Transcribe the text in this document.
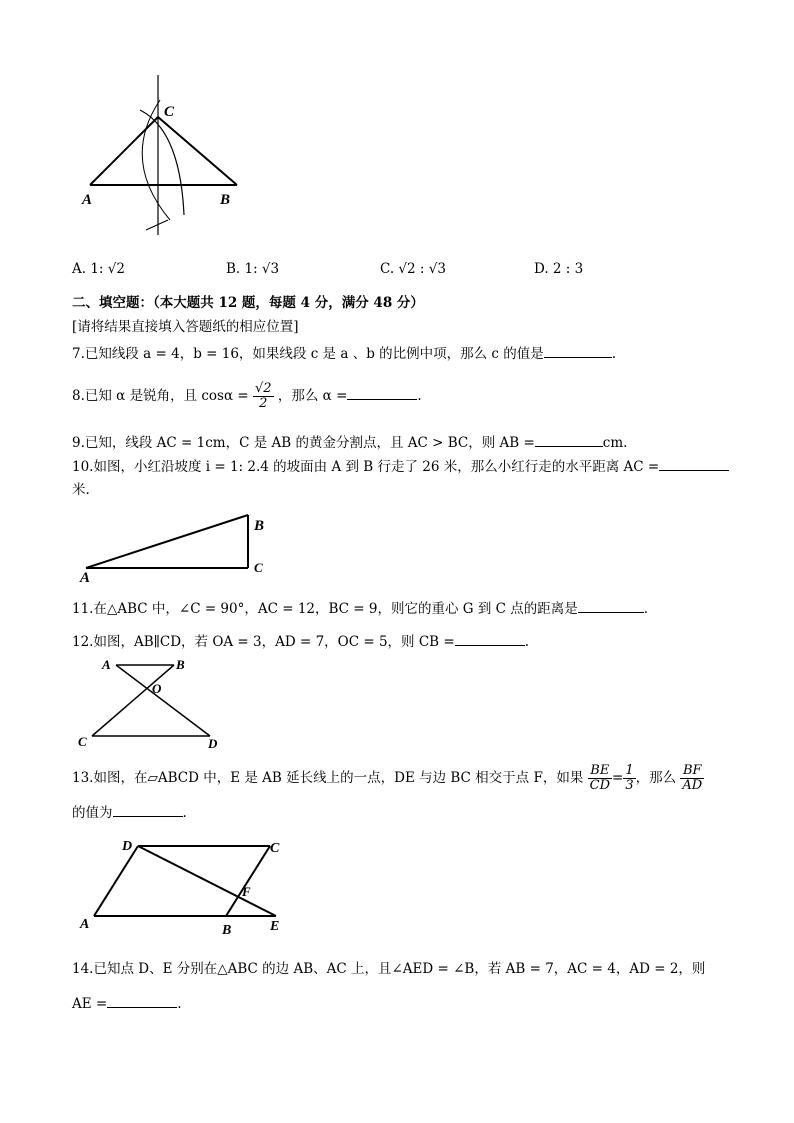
A	B
C
A. 1: √2	B. 1: √3	C. √2 : √3	D. 2 : 3
二、填空题：（本大题共 12 题，每题 4 分，满分 48 分）
[请将结果直接填入答题纸的相应位置]
7.已知线段 a = 4，b = 16，如果线段 c 是 a 、b 的比例中项，那么 c 的值是	.
8.已知 α 是锐角，且 $\cos\alpha = \frac{√2}{2}$ ，那么 α =	.
9.已知，线段 AC = 1cm，C 是 AB 的黄金分割点，且 AC > BC，则 AB =	cm.
10.如图，小红沿坡度 i = 1: 2.4 的坡面由 A 到 B 行走了 26 米，那么小红行走的水平距离 AC =
米.
A
B
C
11.在△ABC 中，∠C = 90°，AC = 12，BC = 9，则它的重心 G 到 C 点的距离是	.
12.如图，AB∥CD，若 OA = 3，AD = 7，OC = 5，则 CB =	.
A	B
O
C	D
13.如图，在▱ABCD 中，E 是 AB 延长线上的一点，DE 与边 BC 相交于点 F，如果 $\frac{BE}{CD} = \frac{1}{3}$ ，那么 $\frac{BF}{AD}$
的值为	.
D	C
A	B	E
F
14.已知点 D、E 分别在△ABC 的边 AB、AC 上，且∠AED = ∠B，若 AB = 7，AC = 4，AD = 2，则
AE =	.
